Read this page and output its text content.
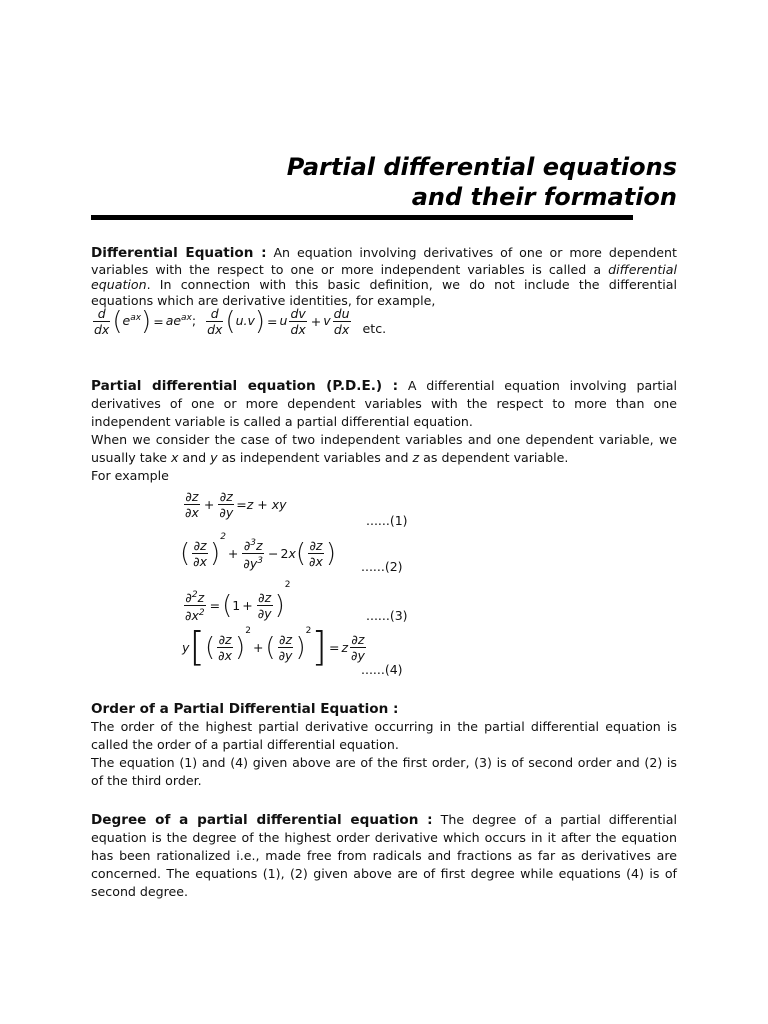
Partial differential equations
and their formation
Differential Equation : An equation involving derivatives of one or more dependent variables with the respect to one or more independent variables is called a differential equation. In connection with this basic definition, we do not include the differential equations which are derivative identities, for example,
$\frac{d}{dx} (e^{ax}) = ae^{ax}$; $\frac{d}{dx} (u.v) = u \frac{dv}{dx} + v \frac{du}{dx}$ etc.
Partial differential equation (P.D.E.) : A differential equation involving partial derivatives of one or more dependent variables with the respect to more than one independent variable is called a partial differential equation.
When we consider the case of two independent variables and one dependent variable, we usually take x and y as independent variables and z as dependent variable.
For example
$\frac{\partial z}{\partial x} + \frac{\partial z}{\partial y} =z$ + xy
......(1)
( $\frac{\partial z}{\partial x} )^2+ \frac{\partial^3z}{\partial y^3} - 2x( \frac{\partial z}{\partial x}$ ) ......(2)
$\frac{\partial^2z}{\partial x^2} =(1 + \frac{\partial z}{\partial y} )^2$
......(3)
$y[( \frac{\partial z}{\partial x} )^2+( \frac{\partial z}{\partial y} )^2] = z \frac{\partial z}{\partial y}$
......(4)
Order of a Partial Differential Equation :
The order of the highest partial derivative occurring in the partial differential equation is called the order of a partial differential equation.
The equation (1) and (4) given above are of the first order, (3) is of second order and (2) is of the third order.
Degree of a partial differential equation : The degree of a partial differential equation is the degree of the highest order derivative which occurs in it after the equation has been rationalized i.e., made free from radicals and fractions as far as derivatives are concerned. The equations (1), (2) given above are of first degree while equations (4) is of second degree.
